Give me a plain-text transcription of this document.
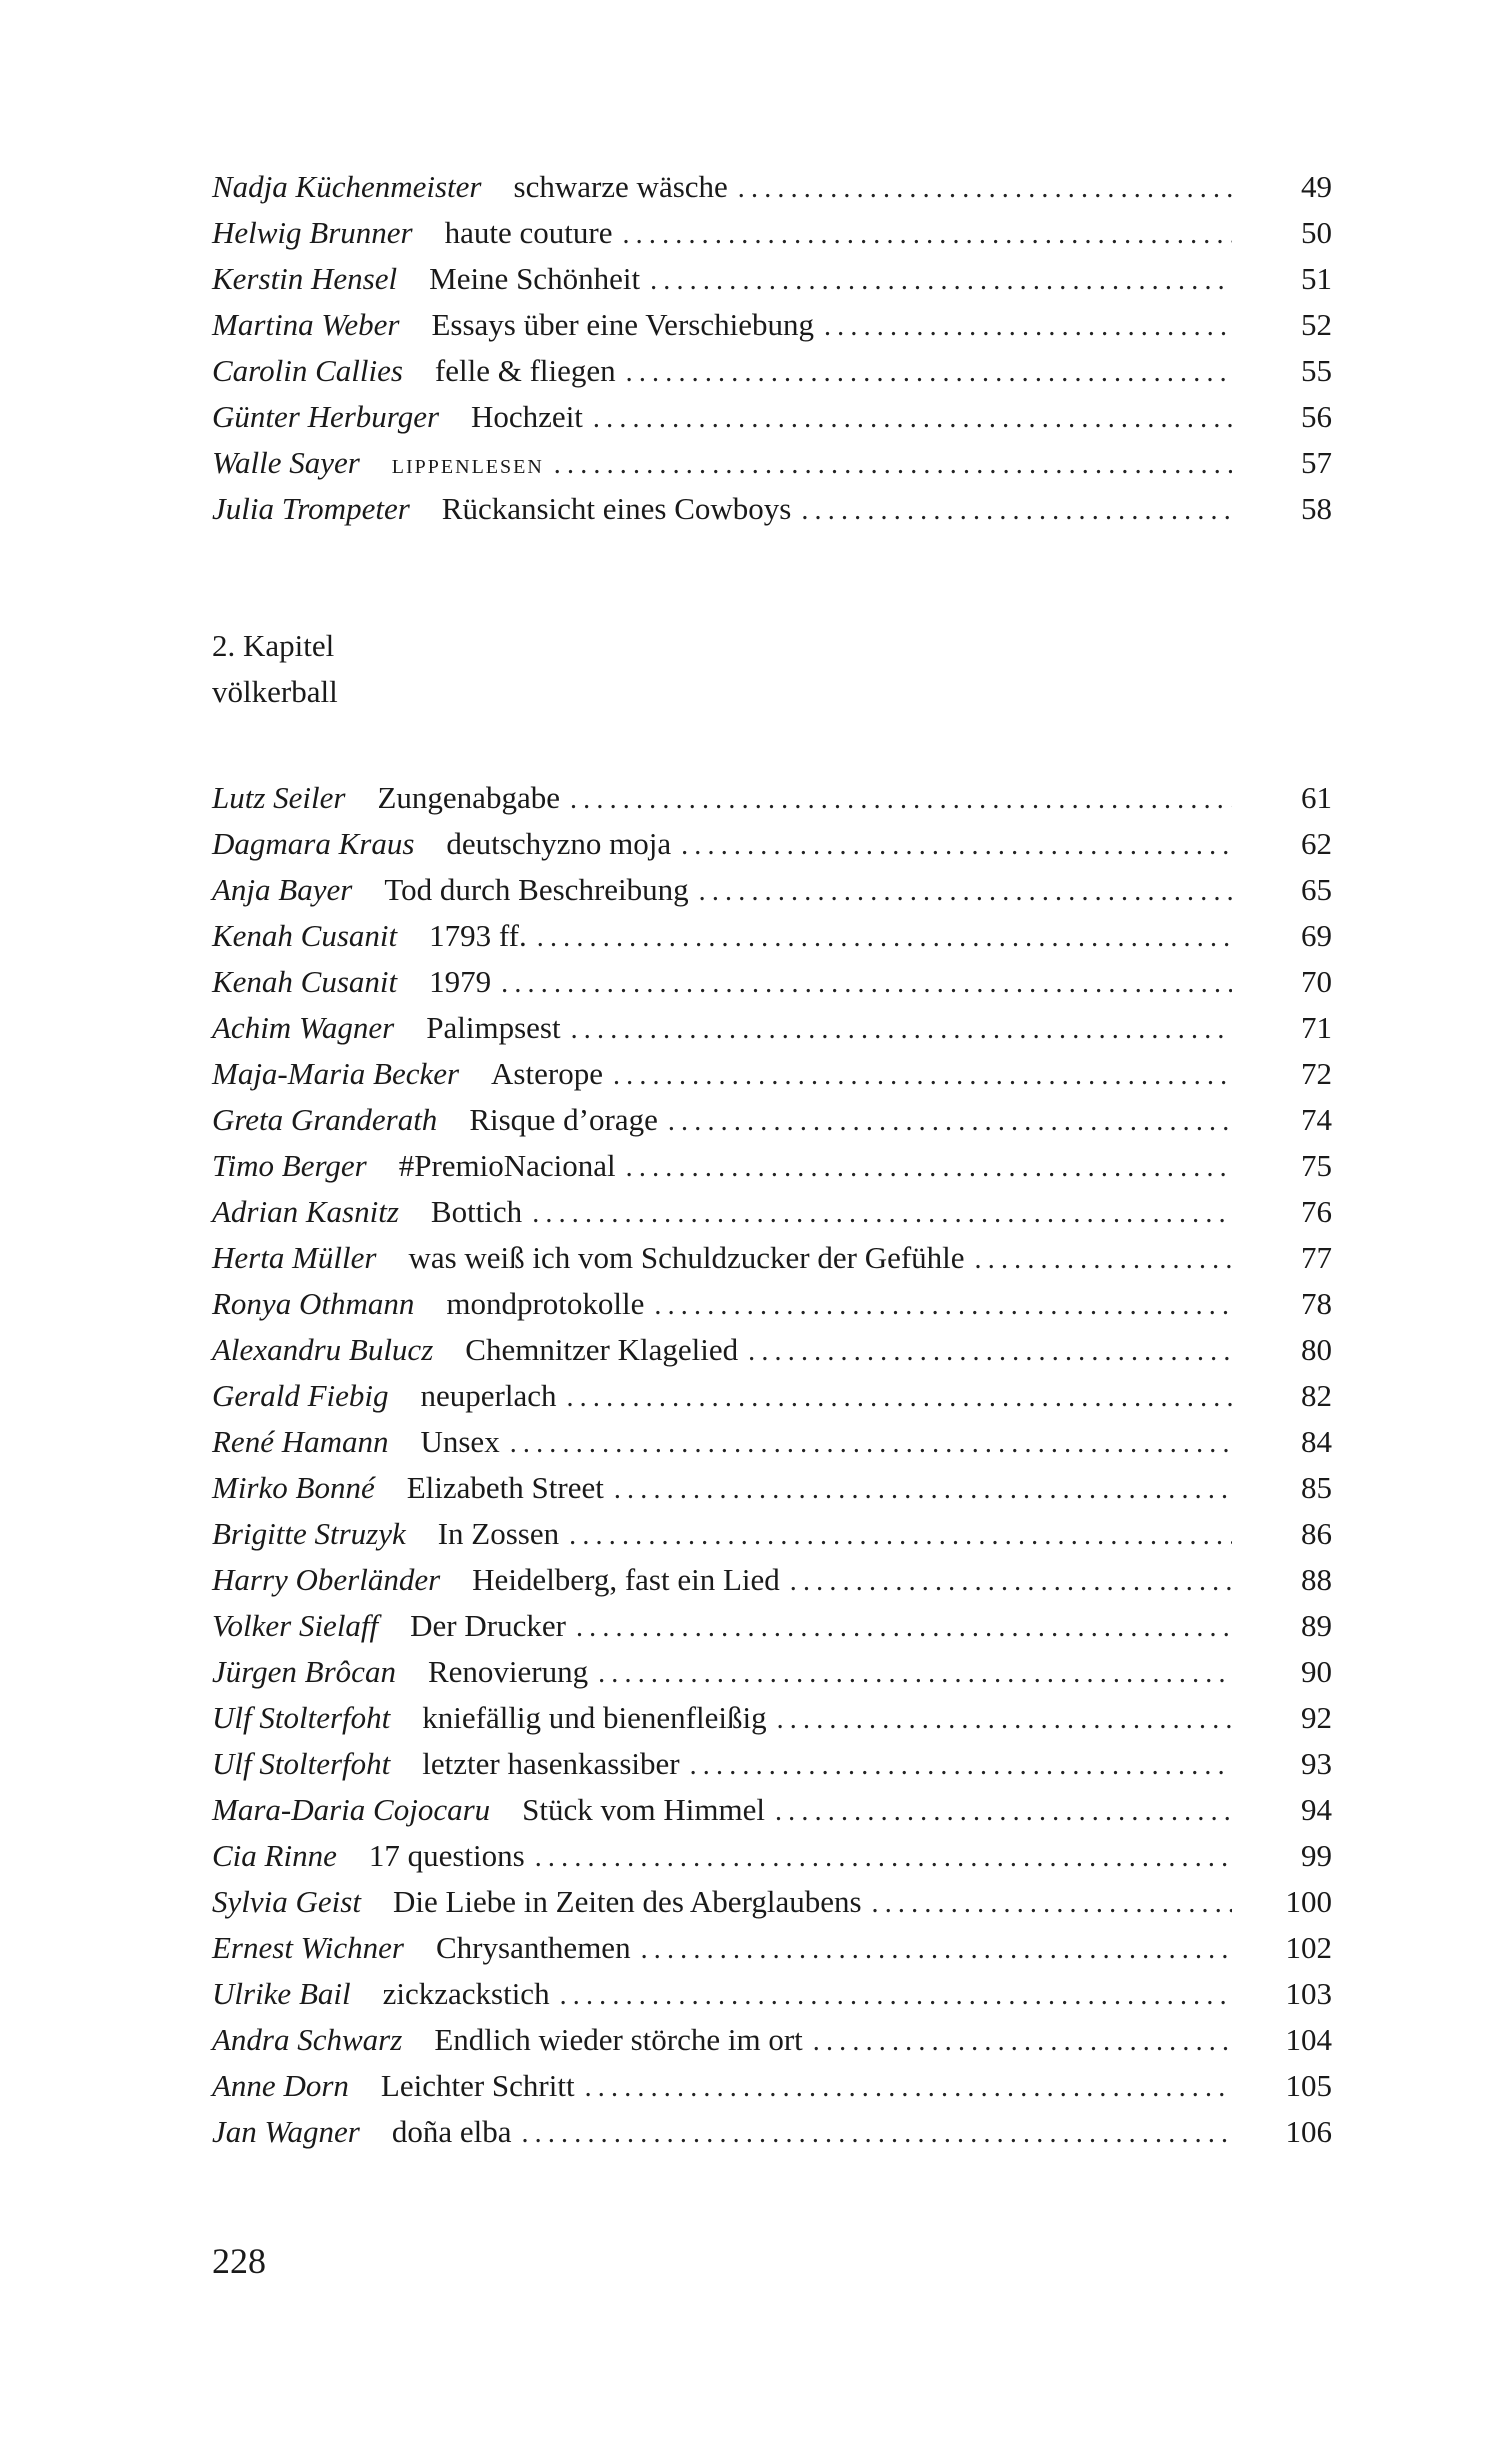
Nadja Küchenmeister schwarze wäsche .....	49
Helwig Brunner haute couture .....	50
Kerstin Hensel Meine Schönheit .....	51
Martina Weber Essays über eine Verschiebung .....	52
Carolin Callies felle & fliegen .....	55
Günter Herburger Hochzeit .....	56
Walle Sayer lippenlesen .....	57
Julia Trompeter Rückansicht eines Cowboys .....	58
2. Kapitel
völkerball
Lutz Seiler Zungenabgabe .....	61
Dagmara Kraus deutschyzno moja .....	62
Anja Bayer Tod durch Beschreibung .....	65
Kenah Cusanit 1793 ff. .....	69
Kenah Cusanit 1979 .....	70
Achim Wagner Palimpsest .....	71
Maja-Maria Becker Asterope .....	72
Greta Granderath Risque d’orage .....	74
Timo Berger #PremioNacional .....	75
Adrian Kasnitz Bottich .....	76
Herta Müller was weiß ich vom Schuldzucker der Gefühle .....	77
Ronya Othmann mondprotokolle .....	78
Alexandru Bulucz Chemnitzer Klagelied .....	80
Gerald Fiebig neuperlach .....	82
René Hamann Unsex .....	84
Mirko Bonné Elizabeth Street .....	85
Brigitte Struzyk In Zossen .....	86
Harry Oberländer Heidelberg, fast ein Lied .....	88
Volker Sielaff Der Drucker .....	89
Jürgen Brôcan Renovierung .....	90
Ulf Stolterfoht kniefällig und bienenfleißig .....	92
Ulf Stolterfoht letzter hasenkassiber .....	93
Mara-Daria Cojocaru Stück vom Himmel .....	94
Cia Rinne 17 questions .....	99
Sylvia Geist Die Liebe in Zeiten des Aberglaubens .....	100
Ernest Wichner Chrysanthemen .....	102
Ulrike Bail zickzackstich .....	103
Andra Schwarz Endlich wieder störche im ort .....	104
Anne Dorn Leichter Schritt .....	105
Jan Wagner doña elba .....	106
228
